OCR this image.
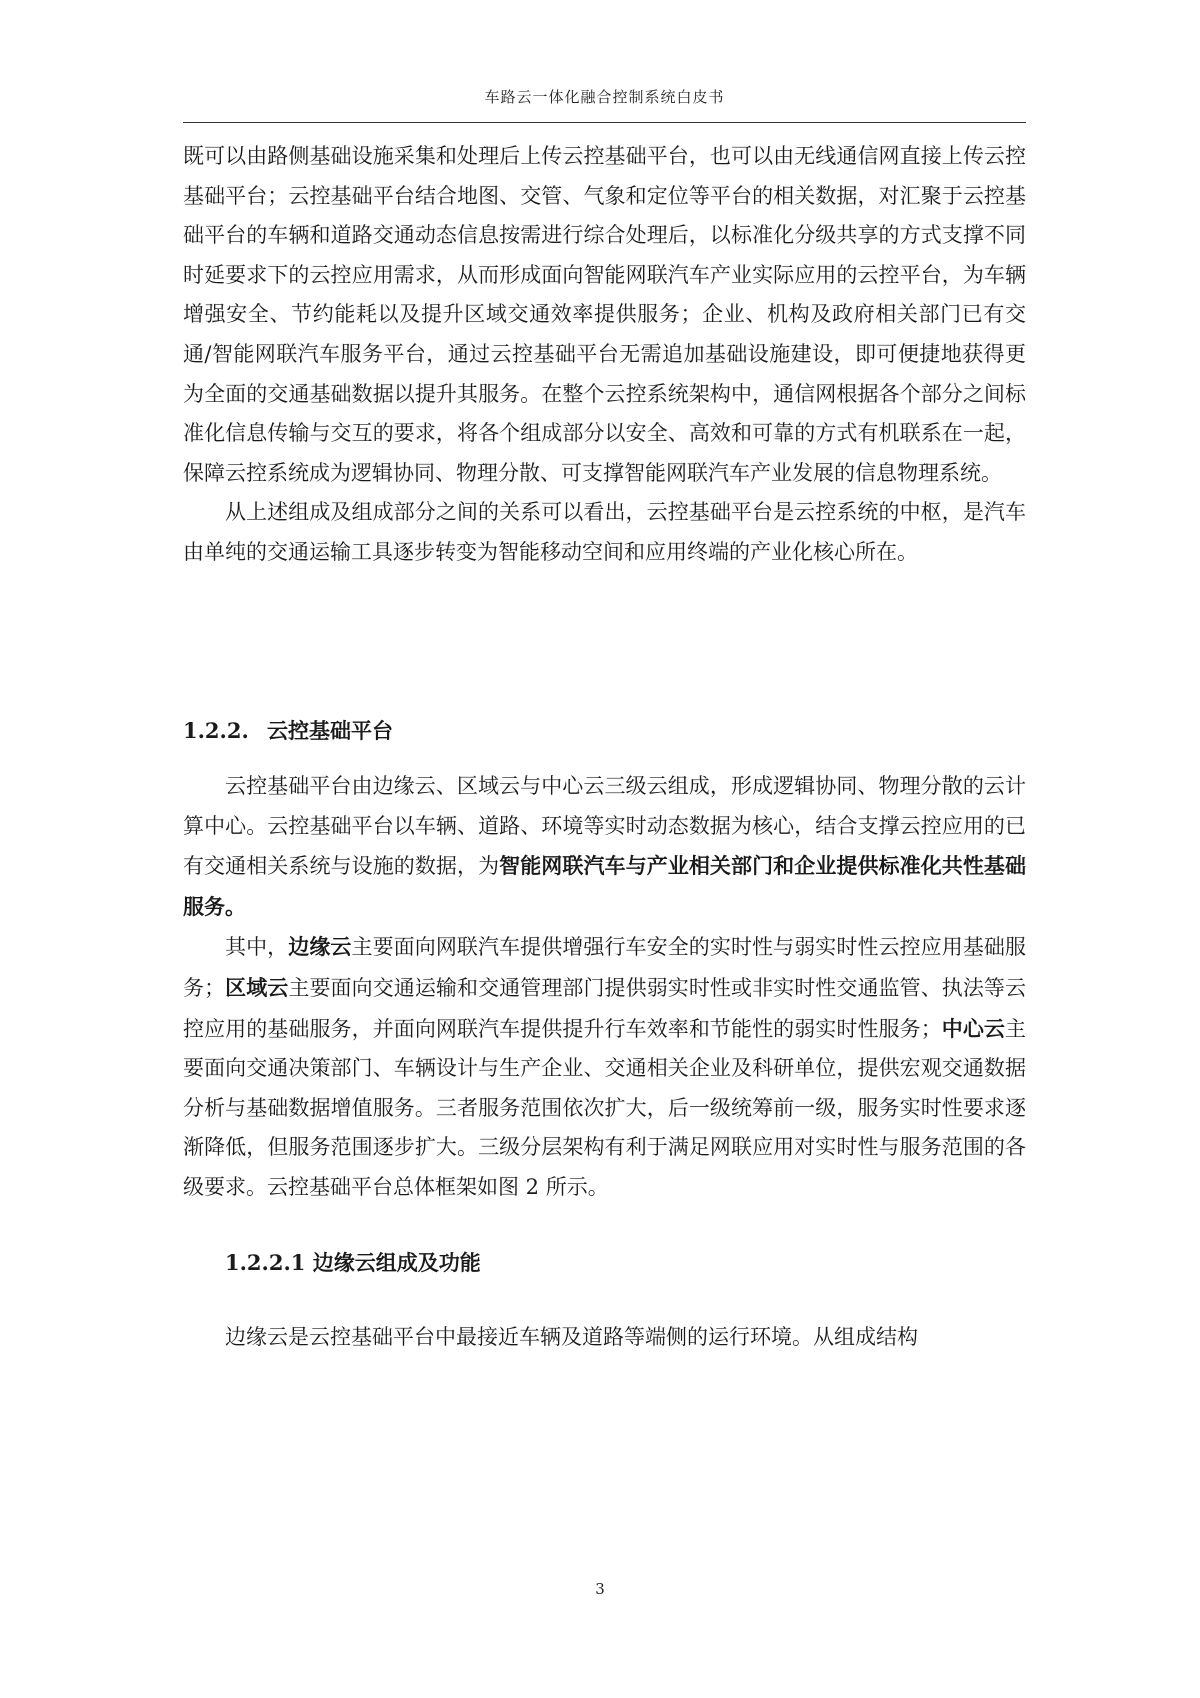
车路云一体化融合控制系统白皮书

既可以由路侧基础设施采集和处理后上传云控基础平台，也可以由无线通信网直接上传云控基础平台；云控基础平台结合地图、交管、气象和定位等平台的相关数据，对汇聚于云控基础平台的车辆和道路交通动态信息按需进行综合处理后，以标准化分级共享的方式支撑不同时延要求下的云控应用需求，从而形成面向智能网联汽车产业实际应用的云控平台，为车辆增强安全、节约能耗以及提升区域交通效率提供服务；企业、机构及政府相关部门已有交通/智能网联汽车服务平台，通过云控基础平台无需追加基础设施建设，即可便捷地获得更为全面的交通基础数据以提升其服务。在整个云控系统架构中，通信网根据各个部分之间标准化信息传输与交互的要求，将各个组成部分以安全、高效和可靠的方式有机联系在一起，保障云控系统成为逻辑协同、物理分散、可支撑智能网联汽车产业发展的信息物理系统。

从上述组成及组成部分之间的关系可以看出，云控基础平台是云控系统的中枢，是汽车由单纯的交通运输工具逐步转变为智能移动空间和应用终端的产业化核心所在。

1.2.2. 云控基础平台

云控基础平台由边缘云、区域云与中心云三级云组成，形成逻辑协同、物理分散的云计算中心。云控基础平台以车辆、道路、环境等实时动态数据为核心，结合支撑云控应用的已有交通相关系统与设施的数据，为智能网联汽车与产业相关部门和企业提供标准化共性基础服务。

其中，边缘云主要面向网联汽车提供增强行车安全的实时性与弱实时性云控应用基础服务；区域云主要面向交通运输和交通管理部门提供弱实时性或非实时性交通监管、执法等云控应用的基础服务，并面向网联汽车提供提升行车效率和节能性的弱实时性服务；中心云主要面向交通决策部门、车辆设计与生产企业、交通相关企业及科研单位，提供宏观交通数据分析与基础数据增值服务。三者服务范围依次扩大，后一级统筹前一级，服务实时性要求逐渐降低，但服务范围逐步扩大。三级分层架构有利于满足网联应用对实时性与服务范围的各级要求。云控基础平台总体框架如图 2 所示。

1.2.2.1 边缘云组成及功能

边缘云是云控基础平台中最接近车辆及道路等端侧的运行环境。从组成结构

3
